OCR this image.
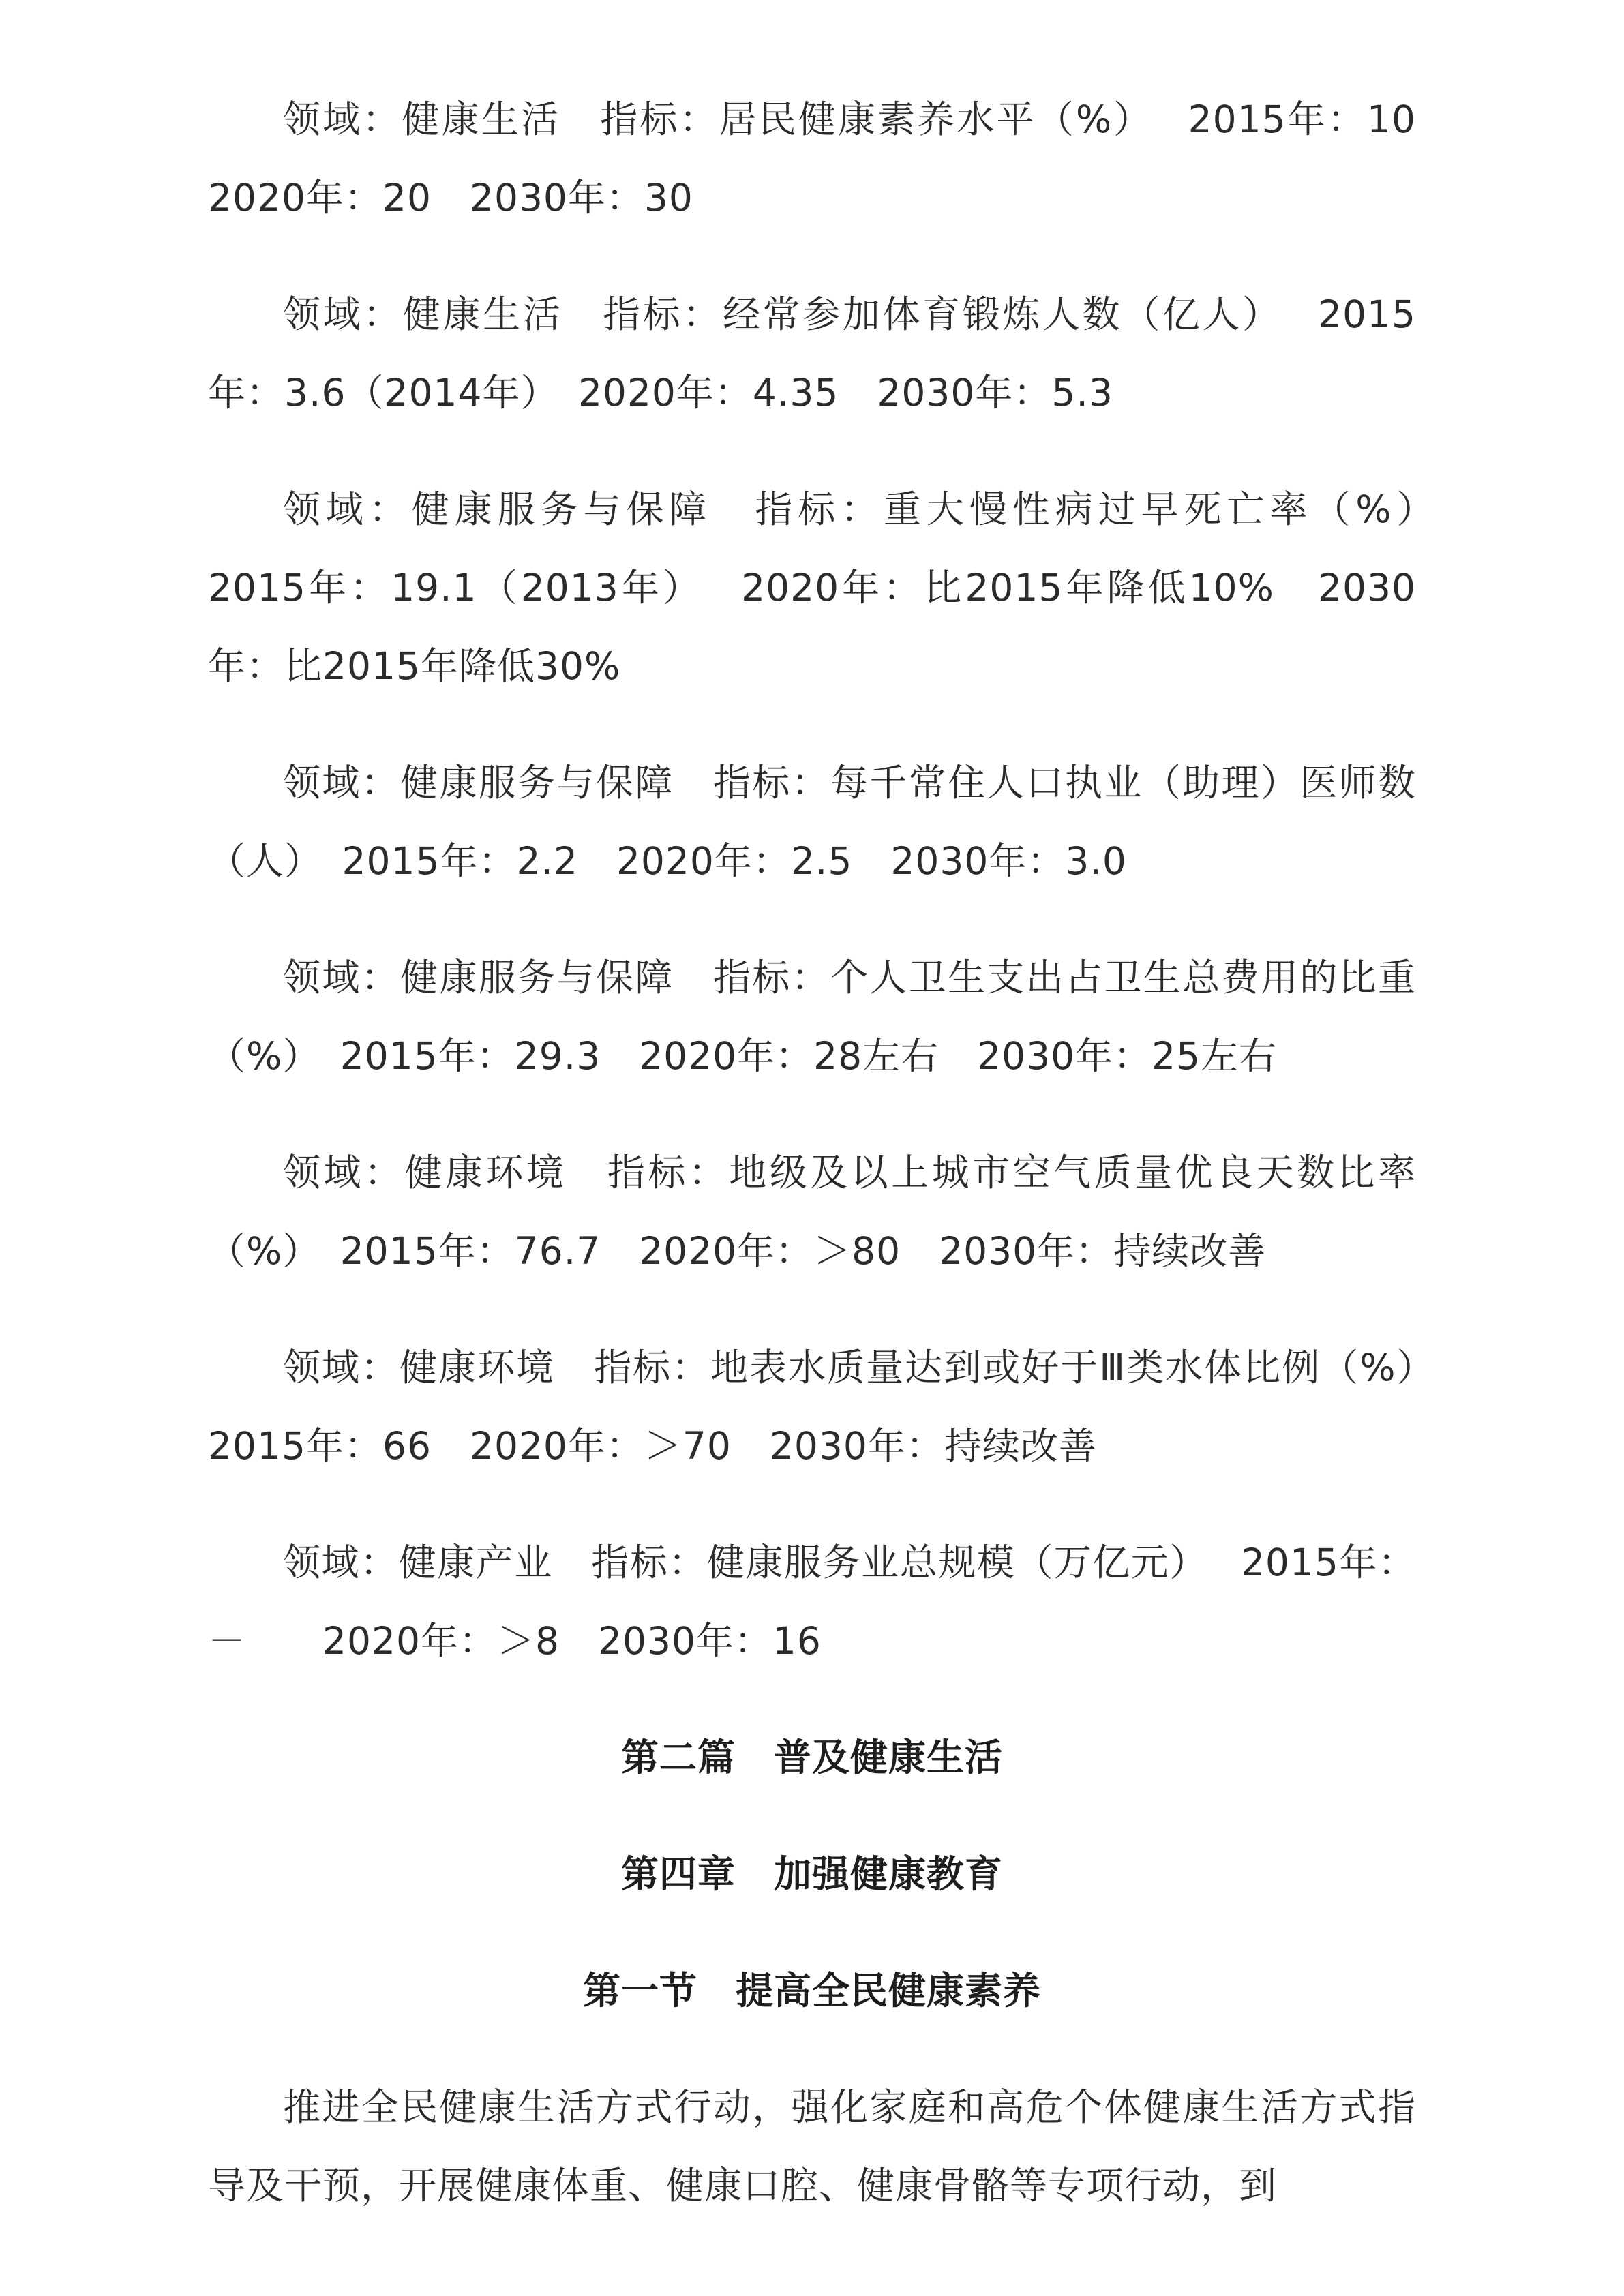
领域：健康生活　指标：居民健康素养水平（%）　 2015年：10　2020年：20　2030年：30

领域：健康生活　指标：经常参加体育锻炼人数（亿人）　 2015年：3.6（2014年）　2020年：4.35　2030年：5.3

领域：健康服务与保障　指标：重大慢性病过早死亡率（%）　2015年：19.1（2013年）　 2020年：比2015年降低10%　2030年：比2015年降低30%

领域：健康服务与保障　指标：每千常住人口执业（助理）医师数（人）　2015年：2.2　2020年：2.5　2030年：3.0

领域：健康服务与保障　指标：个人卫生支出占卫生总费用的比重（%）　2015年：29.3　2020年：28左右　2030年：25左右

领域：健康环境　指标：地级及以上城市空气质量优良天数比率（%）　2015年：76.7　2020年：＞80　2030年：持续改善

领域：健康环境　指标：地表水质量达到或好于Ⅲ类水体比例（%）　2015年：66　2020年：＞70　2030年：持续改善

领域：健康产业　指标：健康服务业总规模（万亿元）　 2015年：－　　2020年：＞8　2030年：16

第二篇　普及健康生活
第四章　加强健康教育
第一节　提高全民健康素养

推进全民健康生活方式行动，强化家庭和高危个体健康生活方式指导及干预，开展健康体重、健康口腔、健康骨骼等专项行动，到
